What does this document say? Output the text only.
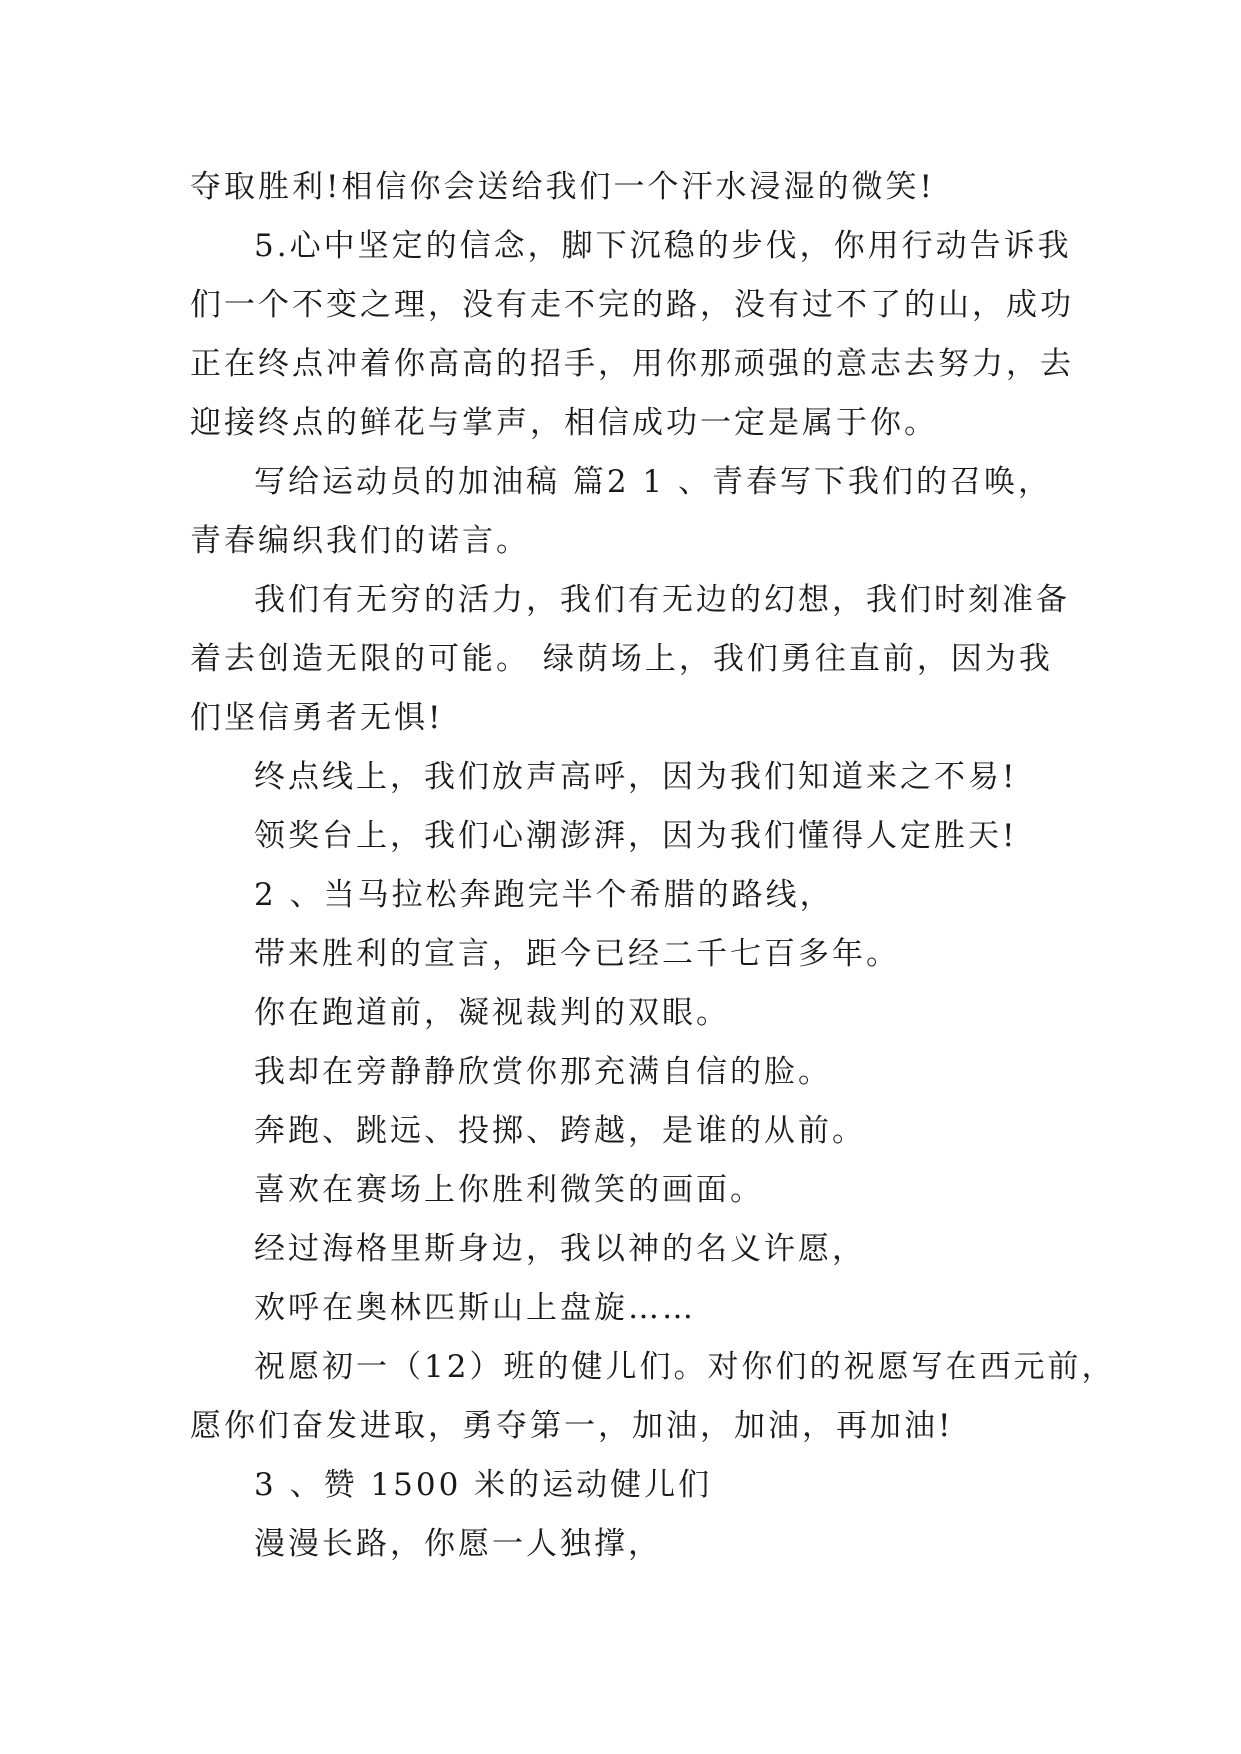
夺取胜利!相信你会送给我们一个汗水浸湿的微笑!
5.心中坚定的信念，脚下沉稳的步伐，你用行动告诉我
们一个不变之理，没有走不完的路，没有过不了的山，成功
正在终点冲着你高高的招手，用你那顽强的意志去努力，去
迎接终点的鲜花与掌声，相信成功一定是属于你。
写给运动员的加油稿 篇2 1 、青春写下我们的召唤，
青春编织我们的诺言。
我们有无穷的活力，我们有无边的幻想，我们时刻准备
着去创造无限的可能。 绿荫场上，我们勇往直前，因为我
们坚信勇者无惧!
终点线上，我们放声高呼，因为我们知道来之不易!
领奖台上，我们心潮澎湃，因为我们懂得人定胜天!
2 、当马拉松奔跑完半个希腊的路线，
带来胜利的宣言，距今已经二千七百多年。
你在跑道前，凝视裁判的双眼。
我却在旁静静欣赏你那充满自信的脸。
奔跑、跳远、投掷、跨越，是谁的从前。
喜欢在赛场上你胜利微笑的画面。
经过海格里斯身边，我以神的名义许愿，
欢呼在奥林匹斯山上盘旋……
祝愿初一（12）班的健儿们。对你们的祝愿写在西元前，
愿你们奋发进取，勇夺第一，加油，加油，再加油!
3 、赞 1500 米的运动健儿们
漫漫长路，你愿一人独撑，
